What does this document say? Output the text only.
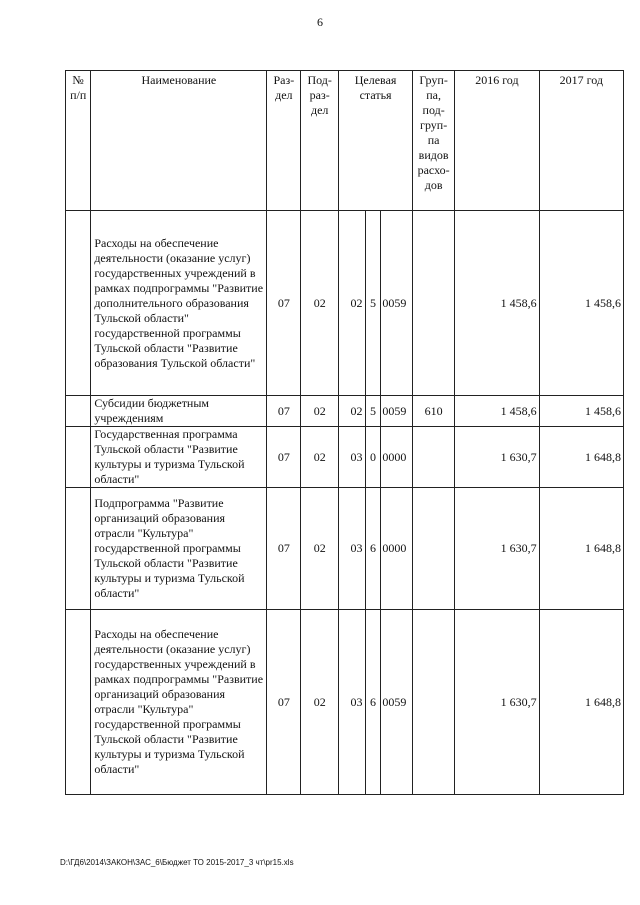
6
№ п/п	Наименование	Раз-дел	Под-раз-дел	Целевая статья			Груп-па, под-груп-па видов расхо-дов	2016 год	2017 год
	Расходы на обеспечение деятельности (оказание услуг) государственных учреждений в рамках подпрограммы "Развитие дополнительного образования Тульской области" государственной программы Тульской области "Развитие образования Тульской области"	07	02	02	5	0059		1 458,6	1 458,6
	Субсидии бюджетным учреждениям	07	02	02	5	0059	610	1 458,6	1 458,6
	Государственная программа Тульской области "Развитие культуры и туризма Тульской области"	07	02	03	0	0000		1 630,7	1 648,8
	Подпрограмма "Развитие организаций образования отрасли "Культура" государственной программы Тульской области "Развитие культуры и туризма Тульской области"	07	02	03	6	0000		1 630,7	1 648,8
	Расходы на обеспечение деятельности (оказание услуг) государственных учреждений в рамках подпрограммы "Развитие организаций образования отрасли "Культура" государственной программы Тульской области "Развитие культуры и туризма Тульской области"	07	02	03	6	0059		1 630,7	1 648,8
D:\ГД6\2014\ЗАКОН\ЗАС_6\Бюджет ТО 2015-2017_3 чт\pr15.xls
